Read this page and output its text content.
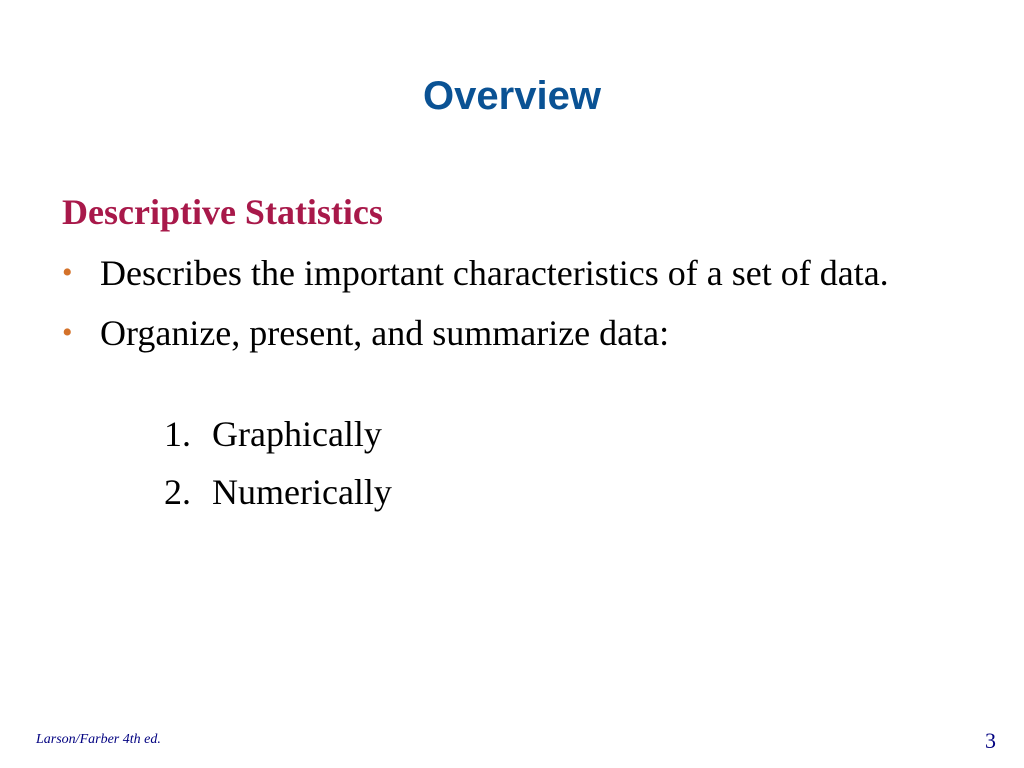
Overview
Descriptive Statistics
• Describes the important characteristics of a set of data.
• Organize, present, and summarize data:
1. Graphically
2. Numerically
Larson/Farber 4th ed.	3
